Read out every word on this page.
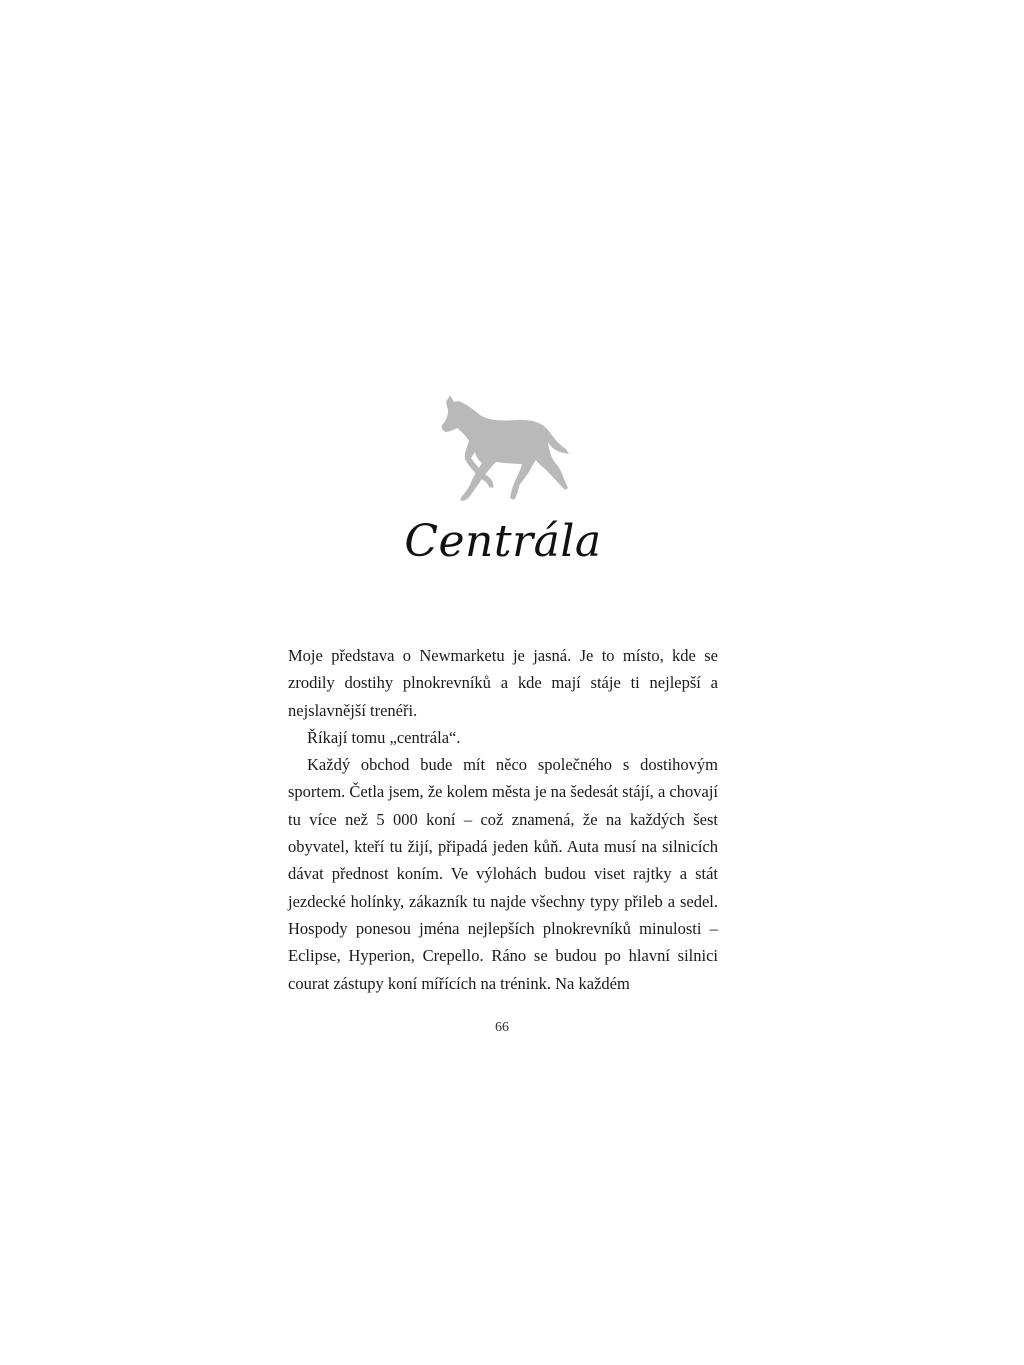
Centrála

Moje představa o Newmarketu je jasná. Je to místo, kde se zrodily dostihy plnokrevníků a kde mají stáje ti nejlepší a nejslavnější trenéři.

Říkají tomu „centrála“.

Každý obchod bude mít něco společného s dostihovým sportem. Četla jsem, že kolem města je na šedesát stájí, a chovají tu více než 5 000 koní – což znamená, že na každých šest obyvatel, kteří tu žijí, připadá jeden kůň. Auta musí na silnicích dávat přednost koním. Ve výlohách budou viset rajtky a stát jezdecké holínky, zákazník tu najde všechny typy přileb a sedel. Hospody ponesou jména nejlepších plnokrevníků minulosti – Eclipse, Hyperion, Crepello. Ráno se budou po hlavní silnici courat zástupy koní mířících na trénink. Na každém

66
